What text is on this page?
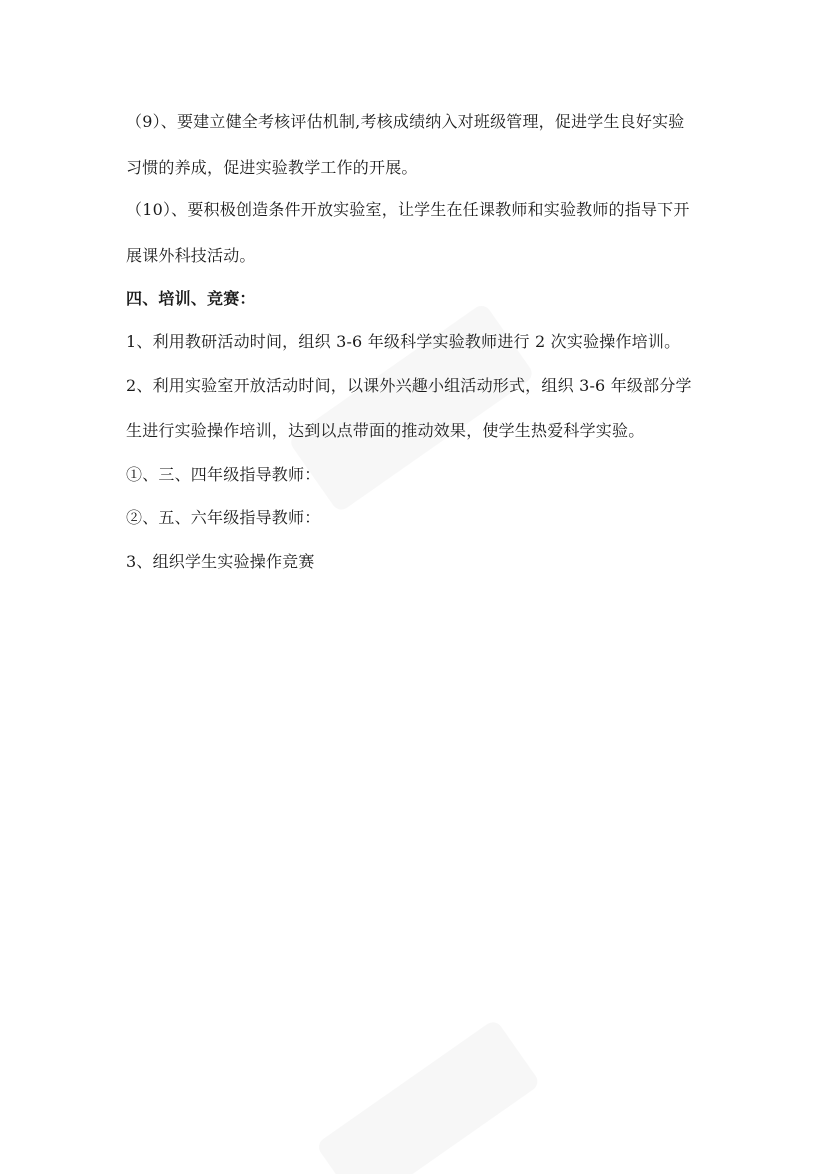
（9）、要建立健全考核评估机制,考核成绩纳入对班级管理，促进学生良好实验
习惯的养成，促进实验教学工作的开展。
（10）、要积极创造条件开放实验室，让学生在任课教师和实验教师的指导下开
展课外科技活动。
四、培训、竞赛：
1、利用教研活动时间，组织 3-6 年级科学实验教师进行 2 次实验操作培训。
2、利用实验室开放活动时间，以课外兴趣小组活动形式，组织 3-6 年级部分学
生进行实验操作培训，达到以点带面的推动效果，使学生热爱科学实验。
①、三、四年级指导教师：
②、五、六年级指导教师：
3、组织学生实验操作竞赛
